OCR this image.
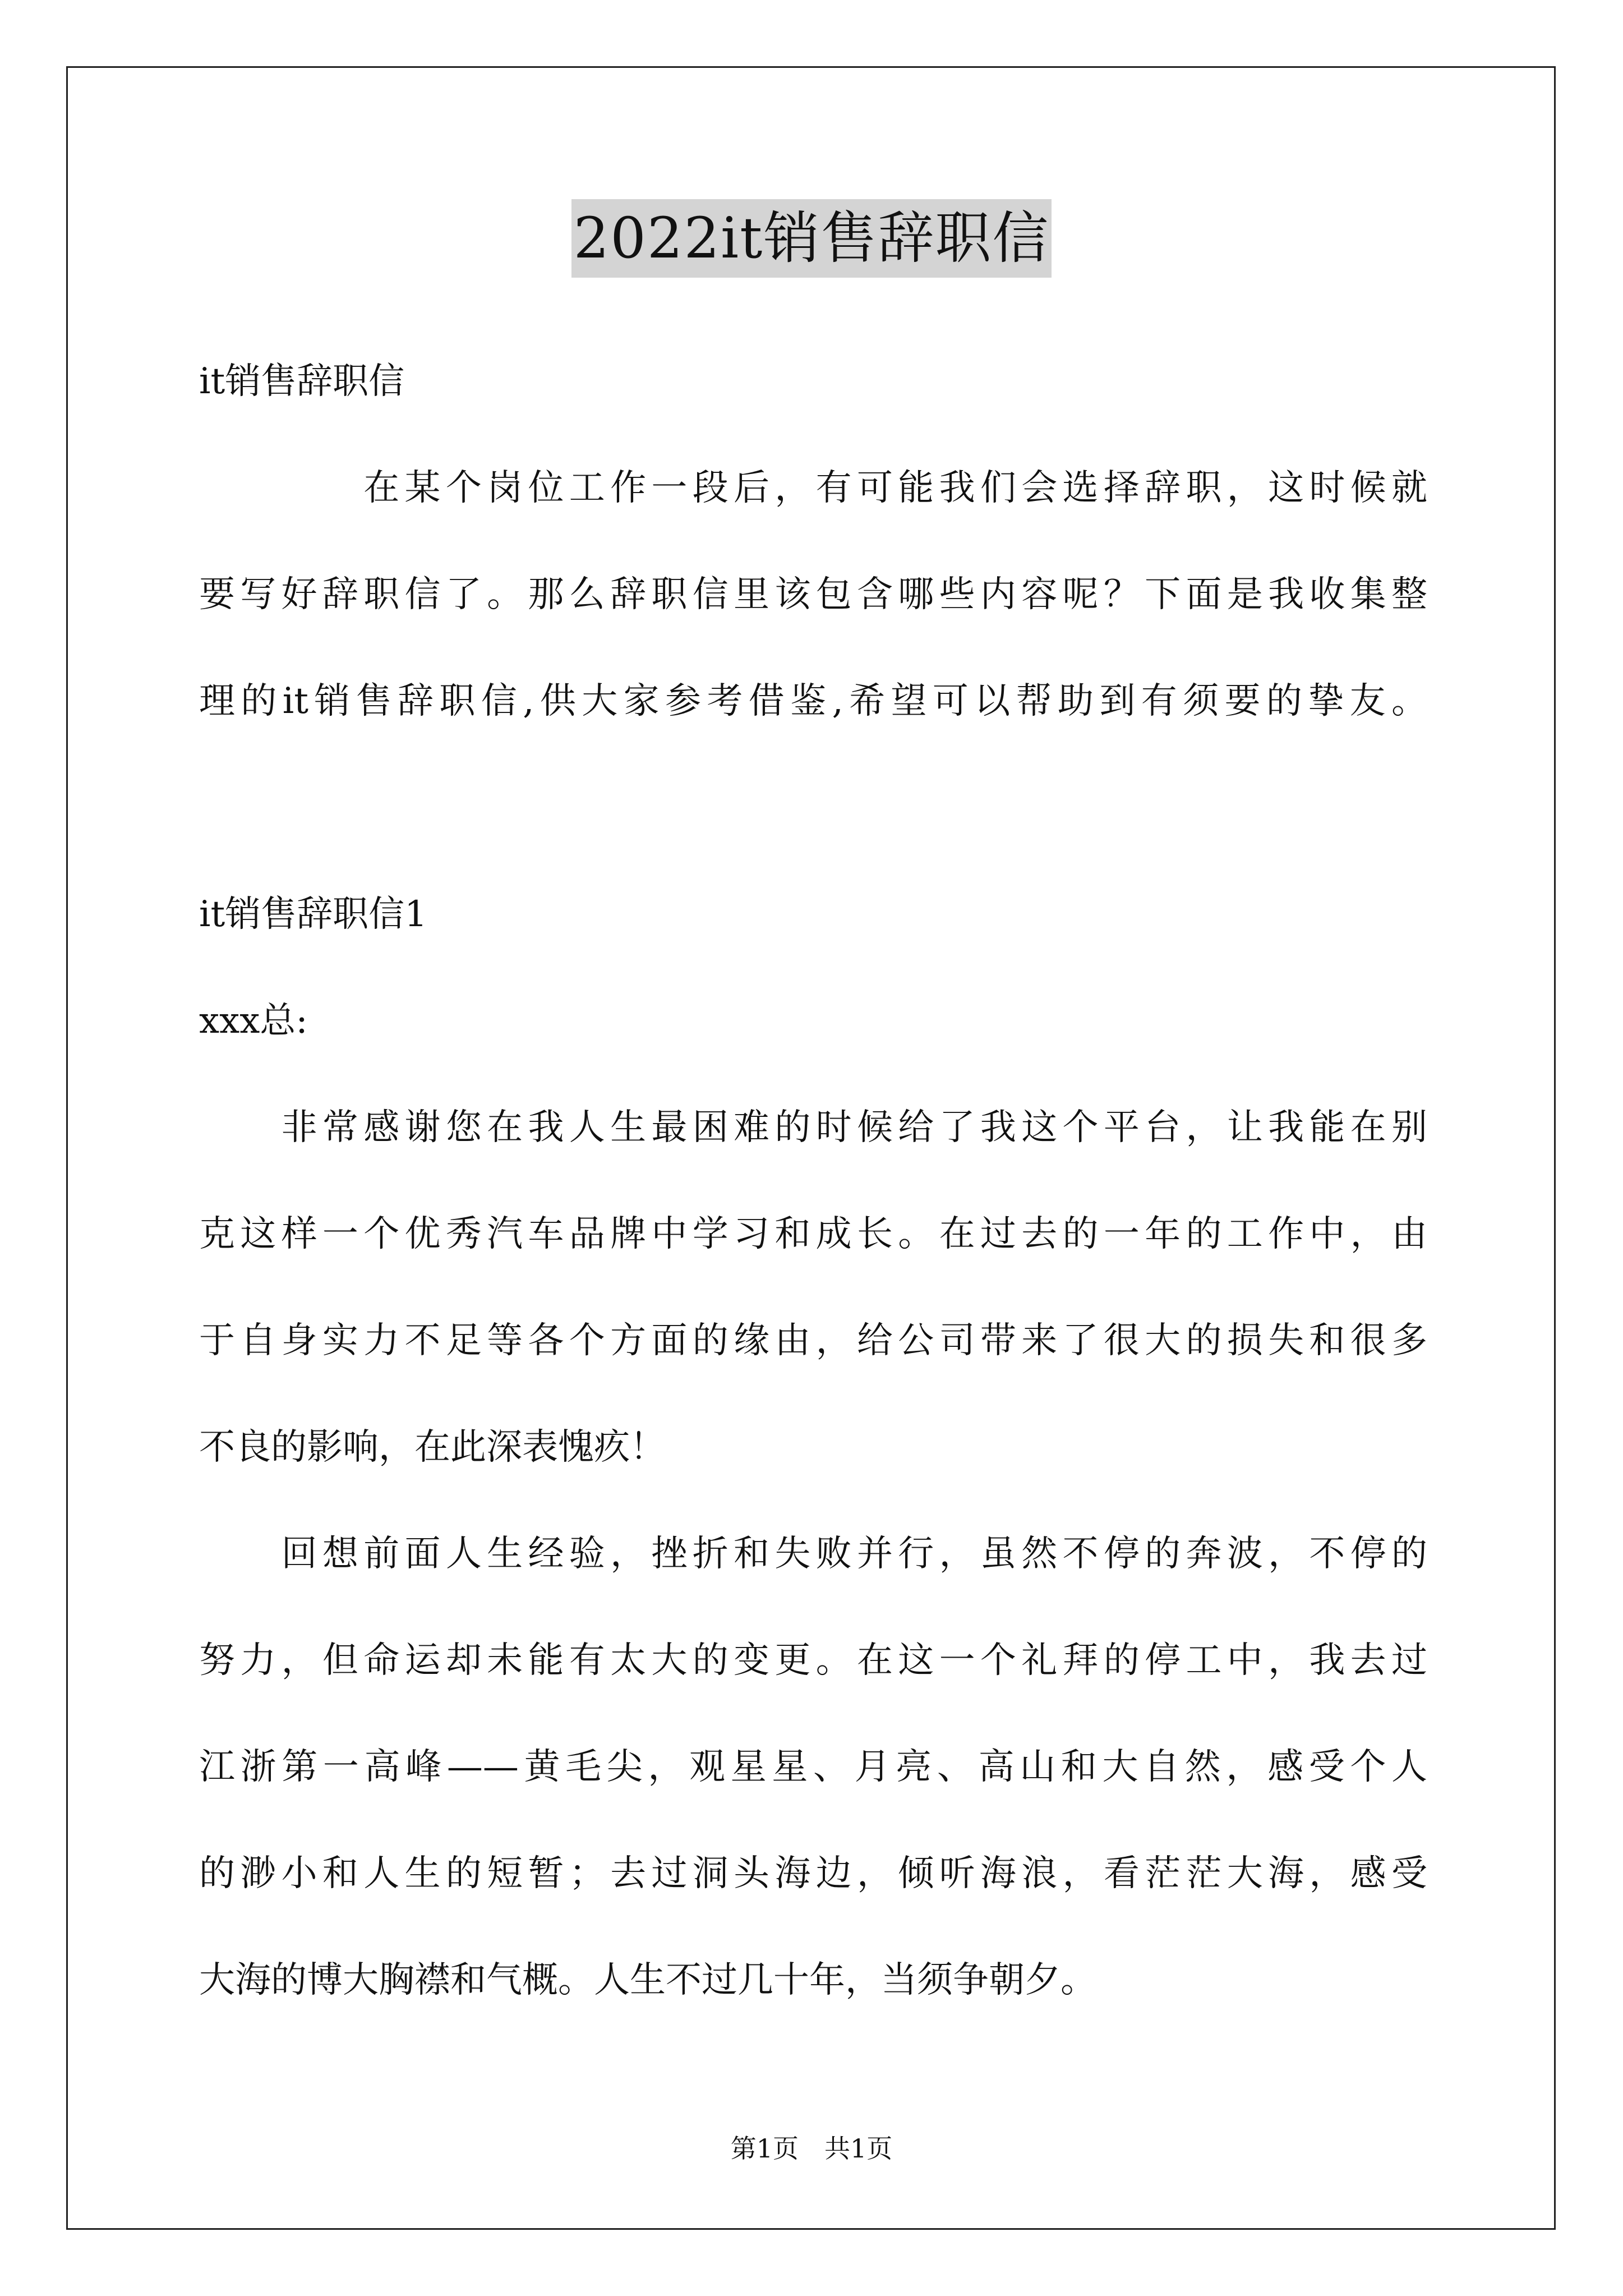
2022it销售辞职信
it销售辞职信
　　　　在某个岗位工作一段后，有可能我们会选择辞职，这时候就
要写好辞职信了。那么辞职信里该包含哪些内容呢？下面是我收集整
理的it销售辞职信,供大家参考借鉴,希望可以帮助到有须要的挚友。
it销售辞职信1
xxx总:
　　非常感谢您在我人生最困难的时候给了我这个平台，让我能在别
克这样一个优秀汽车品牌中学习和成长。在过去的一年的工作中，由
于自身实力不足等各个方面的缘由，给公司带来了很大的损失和很多
不良的影响，在此深表愧疚！
　　回想前面人生经验，挫折和失败并行，虽然不停的奔波，不停的
努力，但命运却未能有太大的变更。在这一个礼拜的停工中，我去过
江浙第一高峰——黄毛尖，观星星、月亮、高山和大自然，感受个人
的渺小和人生的短暂；去过洞头海边，倾听海浪，看茫茫大海，感受
大海的博大胸襟和气概。人生不过几十年，当须争朝夕。
第1页　共1页
